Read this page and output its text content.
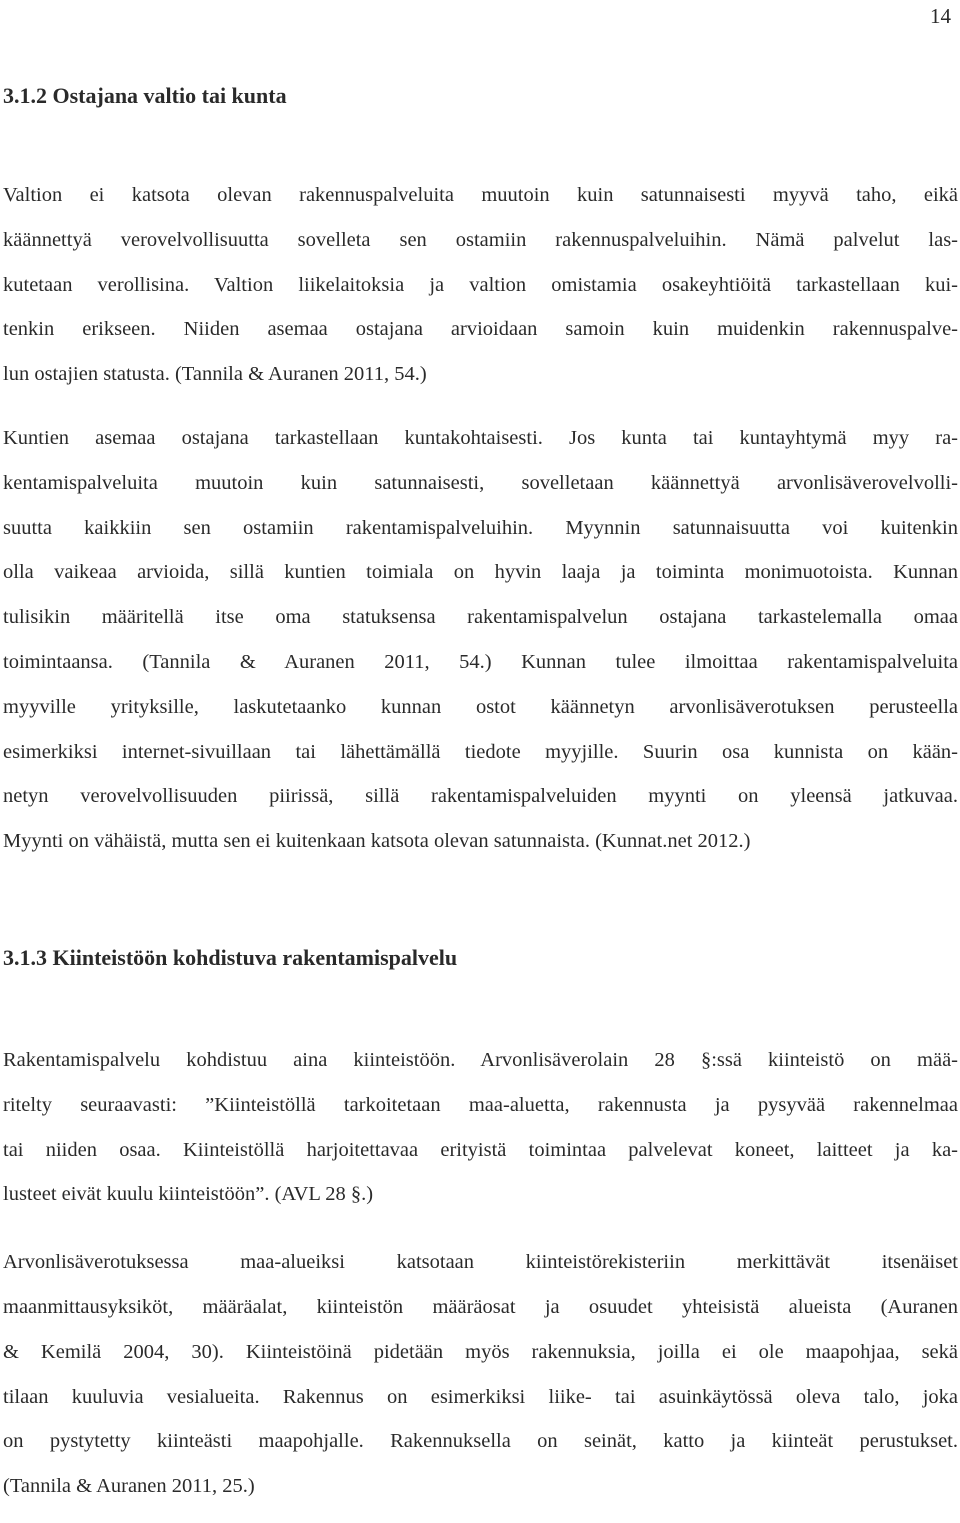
14
3.1.2 Ostajana valtio tai kunta

Valtion ei katsota olevan rakennuspalveluita muutoin kuin satunnaisesti myyvä taho, eikä
käännettyä verovelvollisuutta sovelleta sen ostamiin rakennuspalveluihin. Nämä palvelut las-
kutetaan verollisina. Valtion liikelaitoksia ja valtion omistamia osakeyhtiöitä tarkastellaan kui-
tenkin erikseen. Niiden asemaa ostajana arvioidaan samoin kuin muidenkin rakennuspalve-
lun ostajien statusta. (Tannila & Auranen 2011, 54.)

Kuntien asemaa ostajana tarkastellaan kuntakohtaisesti. Jos kunta tai kuntayhtymä myy ra-
kentamispalveluita muutoin kuin satunnaisesti, sovelletaan käännettyä arvonlisäverovelvolli-
suutta kaikkiin sen ostamiin rakentamispalveluihin. Myynnin satunnaisuutta voi kuitenkin
olla vaikeaa arvioida, sillä kuntien toimiala on hyvin laaja ja toiminta monimuotoista. Kunnan
tulisikin määritellä itse oma statuksensa rakentamispalvelun ostajana tarkastelemalla omaa
toimintaansa. (Tannila & Auranen 2011, 54.) Kunnan tulee ilmoittaa rakentamispalveluita
myyville yrityksille, laskutetaanko kunnan ostot käännetyn arvonlisäverotuksen perusteella
esimerkiksi internet-sivuillaan tai lähettämällä tiedote myyjille. Suurin osa kunnista on kään-
netyn verovelvollisuuden piirissä, sillä rakentamispalveluiden myynti on yleensä jatkuvaa.
Myynti on vähäistä, mutta sen ei kuitenkaan katsota olevan satunnaista. (Kunnat.net 2012.)

3.1.3 Kiinteistöön kohdistuva rakentamispalvelu

Rakentamispalvelu kohdistuu aina kiinteistöön. Arvonlisäverolain 28 §:ssä kiinteistö on mää-
ritelty seuraavasti: ”Kiinteistöllä tarkoitetaan maa-aluetta, rakennusta ja pysyvää rakennelmaa
tai niiden osaa. Kiinteistöllä harjoitettavaa erityistä toimintaa palvelevat koneet, laitteet ja ka-
lusteet eivät kuulu kiinteistöön”. (AVL 28 §.)

Arvonlisäverotuksessa maa-alueiksi katsotaan kiinteistörekisteriin merkittävät itsenäiset
maanmittausyksiköt, määräalat, kiinteistön määräosat ja osuudet yhteisistä alueista (Auranen
& Kemilä 2004, 30). Kiinteistöinä pidetään myös rakennuksia, joilla ei ole maapohjaa, sekä
tilaan kuuluvia vesialueita. Rakennus on esimerkiksi liike- tai asuinkäytössä oleva talo, joka
on pystytetty kiinteästi maapohjalle. Rakennuksella on seinät, katto ja kiinteät perustukset.
(Tannila & Auranen 2011, 25.)
